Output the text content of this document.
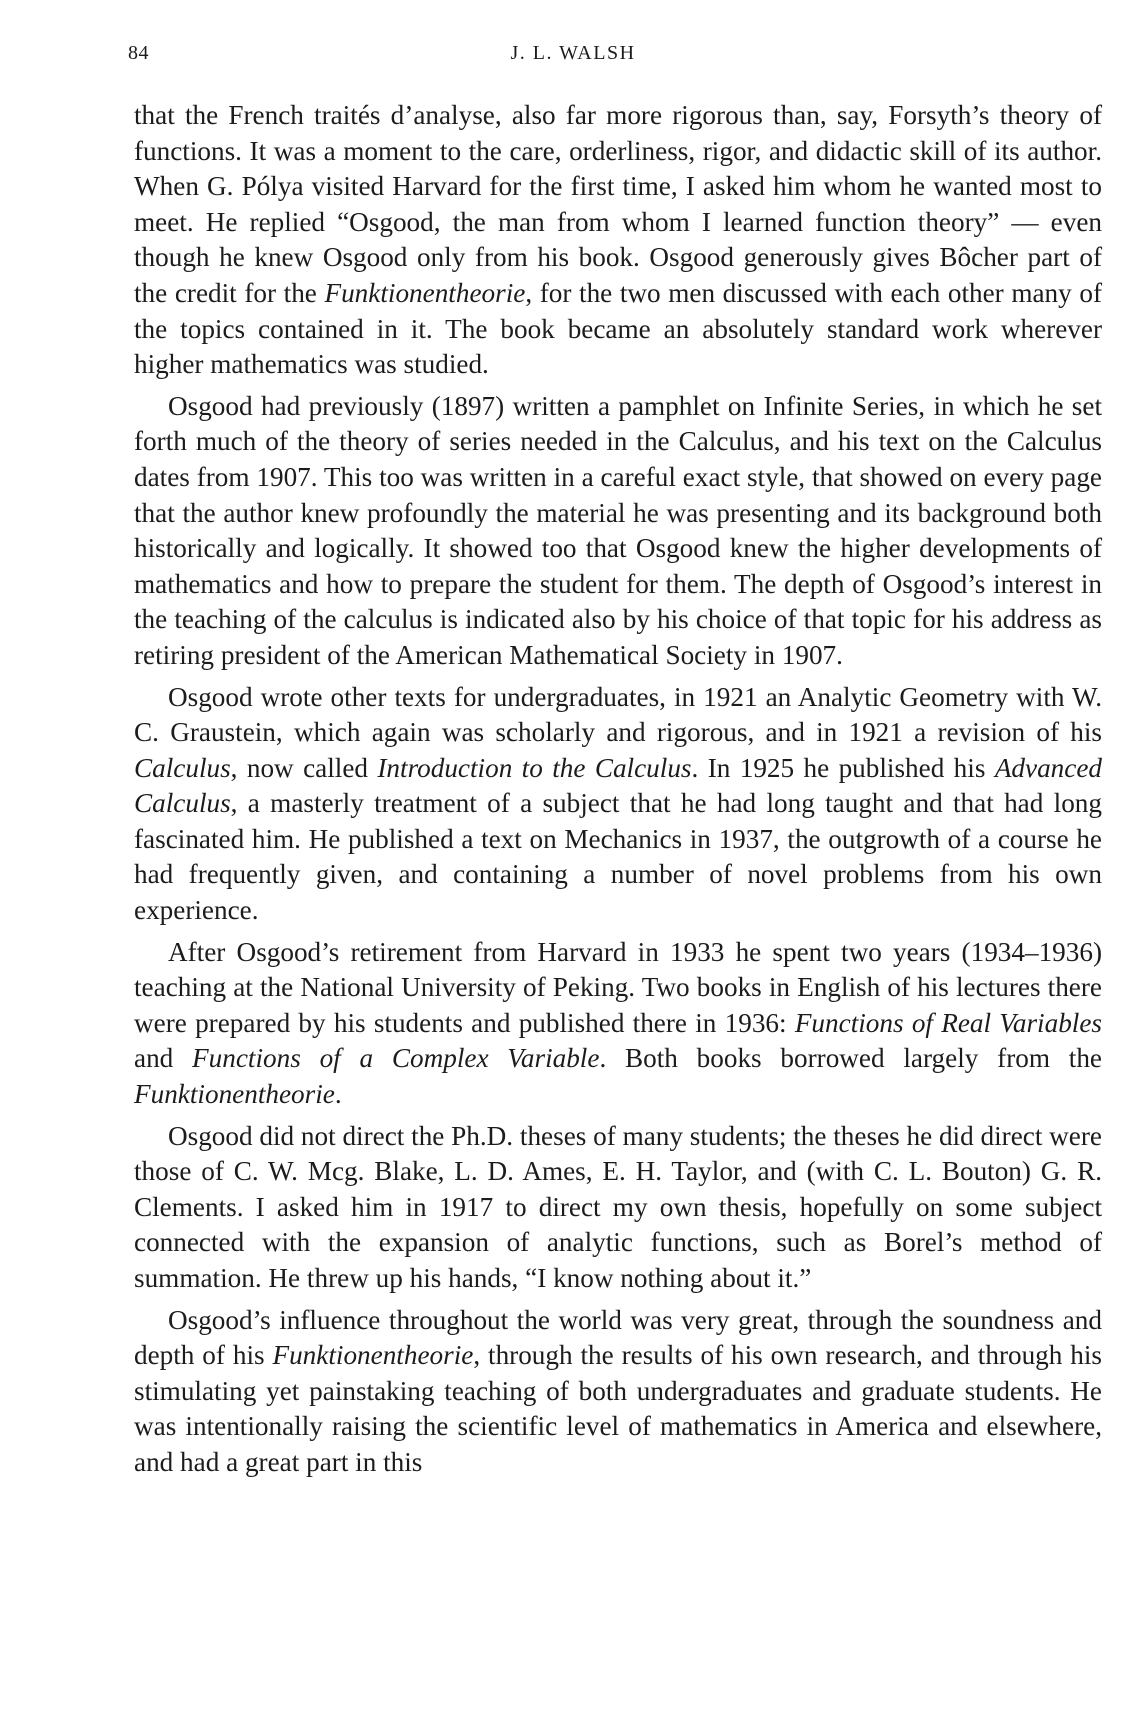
84	J. L. WALSH

that the French traités d’analyse, also far more rigorous than, say, Forsyth’s theory of functions. It was a moment to the care, orderliness, rigor, and didactic skill of its author. When G. Pólya visited Harvard for the first time, I asked him whom he wanted most to meet. He replied “Osgood, the man from whom I learned function theory” — even though he knew Osgood only from his book. Osgood generously gives Bôcher part of the credit for the Funktionentheorie, for the two men discussed with each other many of the topics contained in it. The book became an absolutely standard work wherever higher mathematics was studied.

Osgood had previously (1897) written a pamphlet on Infinite Series, in which he set forth much of the theory of series needed in the Calculus, and his text on the Calculus dates from 1907. This too was written in a careful exact style, that showed on every page that the author knew profoundly the material he was presenting and its background both historically and logically. It showed too that Osgood knew the higher developments of mathematics and how to prepare the student for them. The depth of Osgood’s interest in the teaching of the calculus is indicated also by his choice of that topic for his address as retiring president of the American Mathematical Society in 1907.

Osgood wrote other texts for undergraduates, in 1921 an Analytic Geometry with W. C. Graustein, which again was scholarly and rigorous, and in 1921 a revision of his Calculus, now called Introduction to the Calculus. In 1925 he published his Advanced Calculus, a masterly treatment of a subject that he had long taught and that had long fascinated him. He published a text on Mechanics in 1937, the outgrowth of a course he had frequently given, and containing a number of novel problems from his own experience.

After Osgood’s retirement from Harvard in 1933 he spent two years (1934–1936) teaching at the National University of Peking. Two books in English of his lectures there were prepared by his students and published there in 1936: Functions of Real Variables and Functions of a Complex Variable. Both books borrowed largely from the Funktionentheorie.

Osgood did not direct the Ph.D. theses of many students; the theses he did direct were those of C. W. Mcg. Blake, L. D. Ames, E. H. Taylor, and (with C. L. Bouton) G. R. Clements. I asked him in 1917 to direct my own thesis, hopefully on some subject connected with the expansion of analytic functions, such as Borel’s method of summation. He threw up his hands, “I know nothing about it.”

Osgood’s influence throughout the world was very great, through the soundness and depth of his Funktionentheorie, through the results of his own research, and through his stimulating yet painstaking teaching of both undergraduates and graduate students. He was intentionally raising the scientific level of mathematics in America and elsewhere, and had a great part in this
